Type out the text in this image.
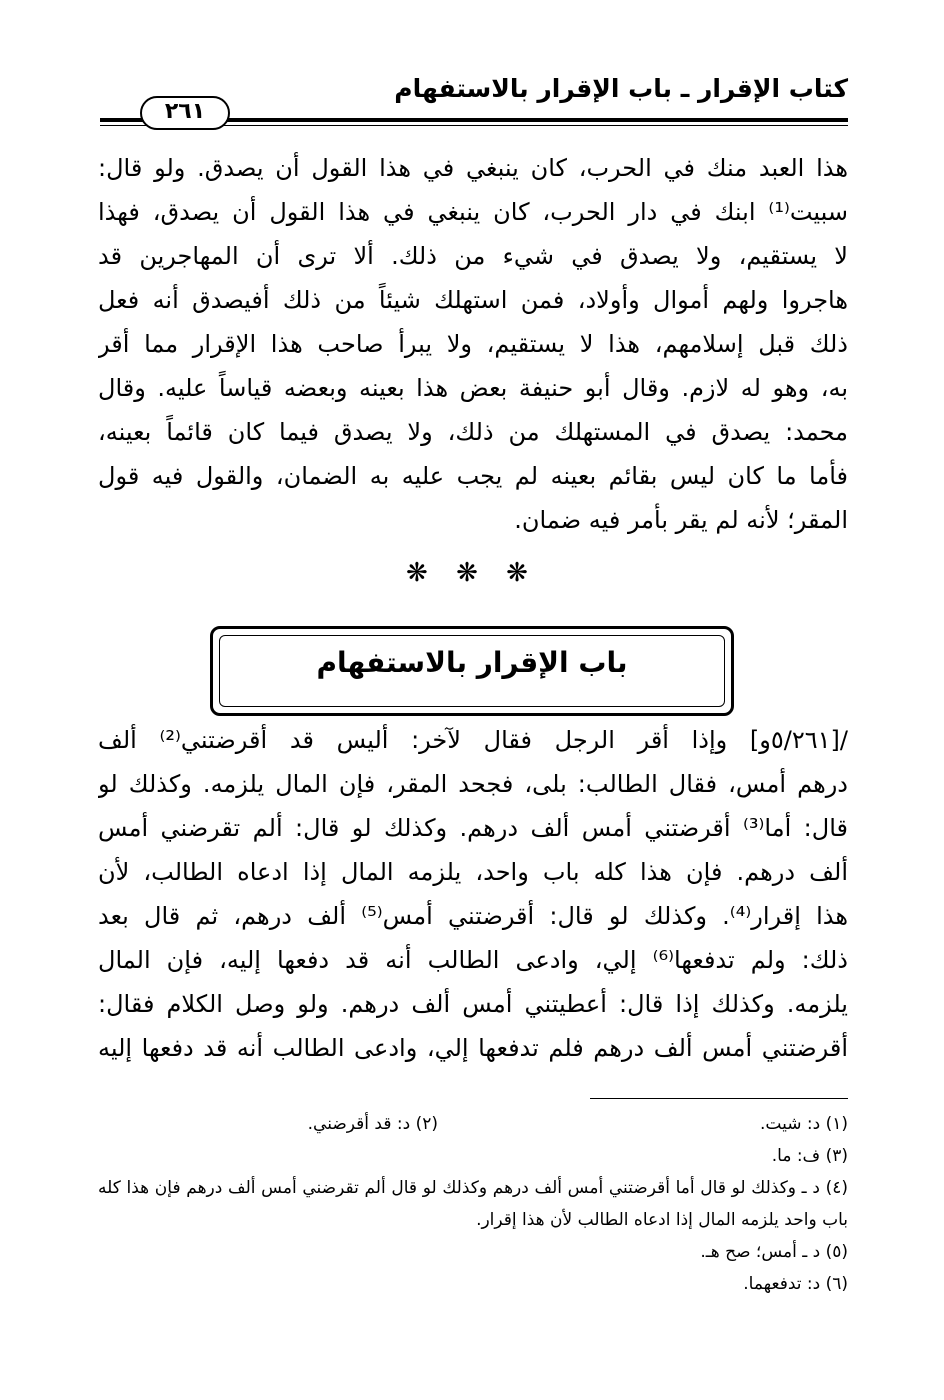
كتاب الإقرار ـ باب الإقرار بالاستفهام
٢٦١
هذا العبد منك في الحرب، كان ينبغي في هذا القول أن يصدق. ولو قال:
سبيت⁽¹⁾ ابنك في دار الحرب، كان ينبغي في هذا القول أن يصدق، فهذا
لا يستقيم، ولا يصدق في شيء من ذلك. ألا ترى أن المهاجرين قد
هاجروا ولهم أموال وأولاد، فمن استهلك شيئاً من ذلك أفيصدق أنه فعل
ذلك قبل إسلامهم، هذا لا يستقيم، ولا يبرأ صاحب هذا الإقرار مما أقر
به، وهو له لازم. وقال أبو حنيفة بعض هذا بعينه وبعضه قياساً عليه. وقال
محمد: يصدق في المستهلك من ذلك، ولا يصدق فيما كان قائماً بعينه،
فأما ما كان ليس بقائم بعينه لم يجب عليه به الضمان، والقول فيه قول
المقر؛ لأنه لم يقر بأمر فيه ضمان.
❋ ❋ ❋
باب الإقرار بالاستفهام
/[٥/٢٦١و] وإذا أقر الرجل فقال لآخر: أليس قد أقرضتني⁽²⁾ ألف
درهم أمس، فقال الطالب: بلى، فجحد المقر، فإن المال يلزمه. وكذلك لو
قال: أما⁽³⁾ أقرضتني أمس ألف درهم. وكذلك لو قال: ألم تقرضني أمس
ألف درهم. فإن هذا كله باب واحد، يلزمه المال إذا ادعاه الطالب، لأن
هذا إقرار⁽⁴⁾. وكذلك لو قال: أقرضتني أمس⁽⁵⁾ ألف درهم، ثم قال بعد
ذلك: ولم تدفعها⁽⁶⁾ إلي، وادعى الطالب أنه قد دفعها إليه، فإن المال
يلزمه. وكذلك إذا قال: أعطيتني أمس ألف درهم. ولو وصل الكلام فقال:
أقرضتني أمس ألف درهم فلم تدفعها إلي، وادعى الطالب أنه قد دفعها إليه
(١) د: شيت.
(٢) د: قد أقرضني.
(٣) ف: ما.
(٤) د ـ وكذلك لو قال أما أقرضتني أمس ألف درهم وكذلك لو قال ألم تقرضني أمس ألف درهم فإن هذا كله باب واحد يلزمه المال إذا ادعاه الطالب لأن هذا إقرار.
(٥) د ـ أمس؛ صح هـ.
(٦) د: تدفعهما.
